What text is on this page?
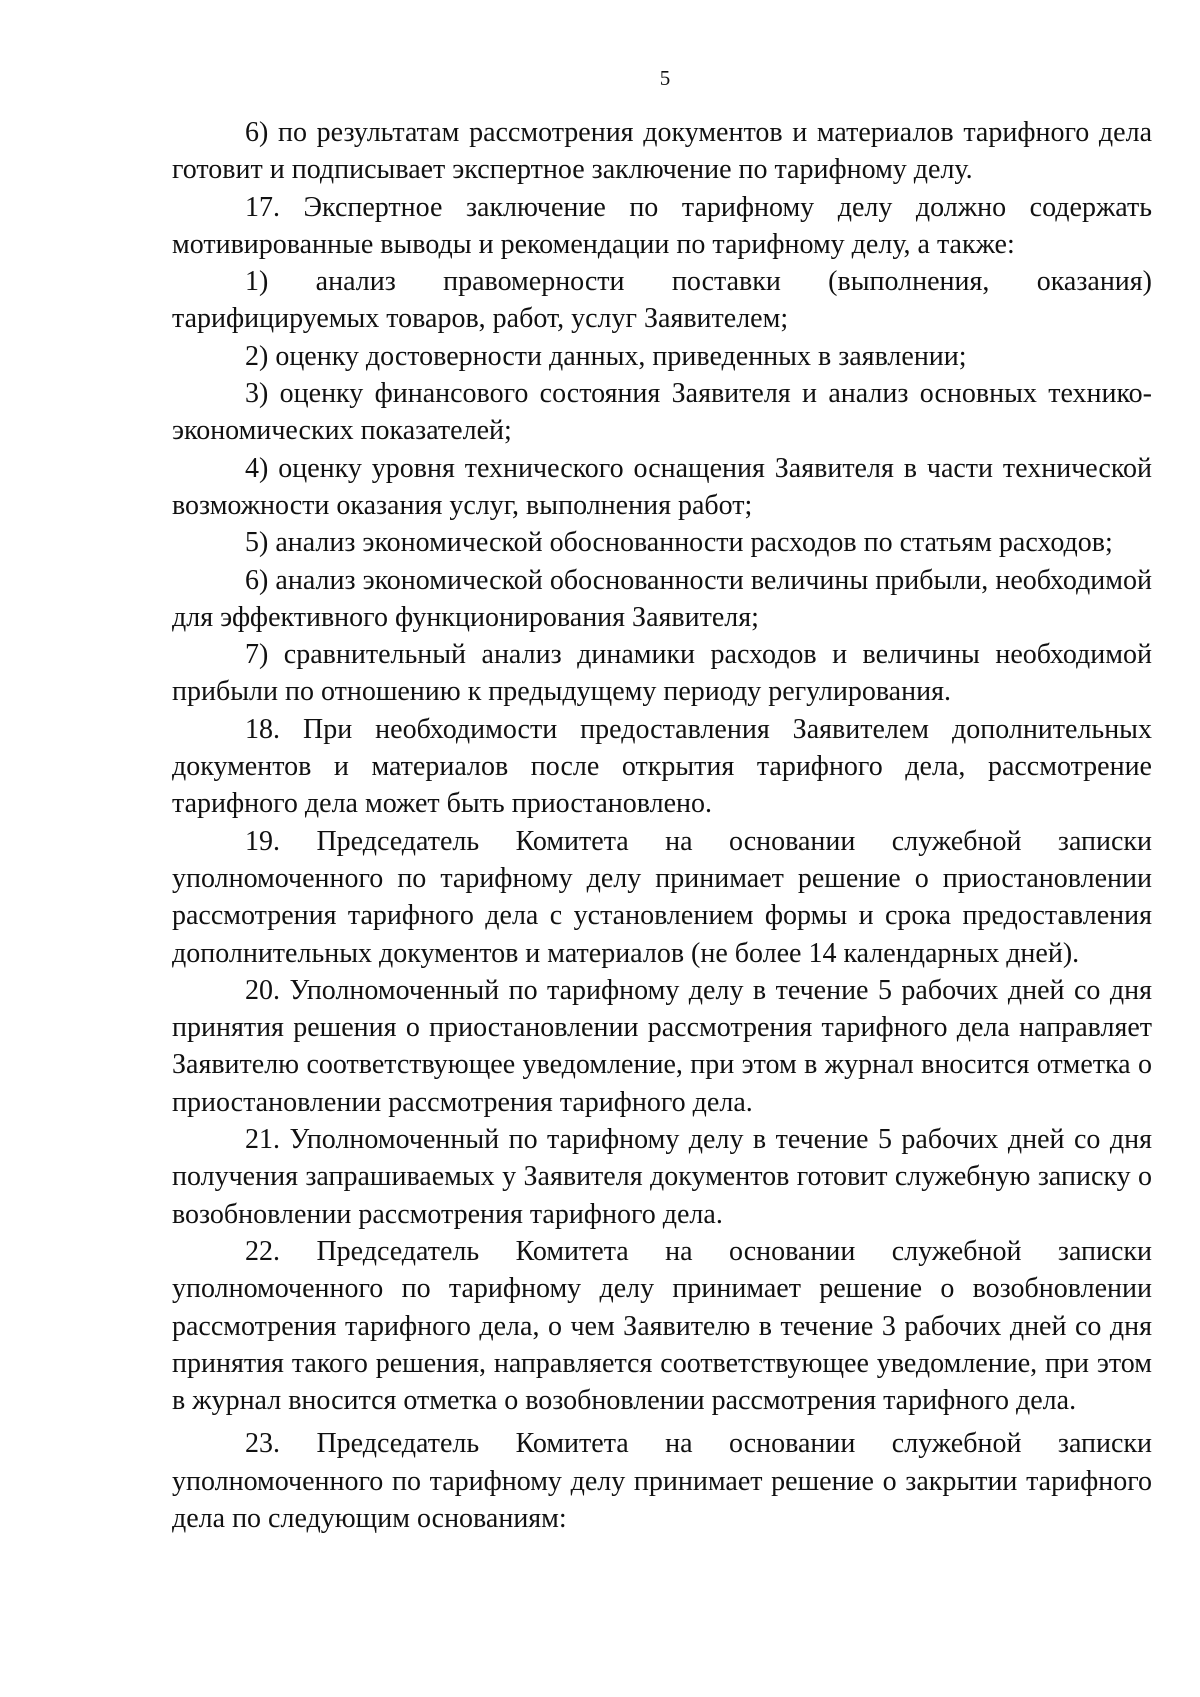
5

6) по результатам рассмотрения документов и материалов тарифного дела готовит и подписывает экспертное заключение по тарифному делу.

17. Экспертное заключение по тарифному делу должно содержать мотивированные выводы и рекомендации по тарифному делу, а также:

1) анализ правомерности поставки (выполнения, оказания) тарифицируемых товаров, работ, услуг Заявителем;

2) оценку достоверности данных, приведенных в заявлении;

3) оценку финансового состояния Заявителя и анализ основных технико-экономических показателей;

4) оценку уровня технического оснащения Заявителя в части технической возможности оказания услуг, выполнения работ;

5) анализ экономической обоснованности расходов по статьям расходов;

6) анализ экономической обоснованности величины прибыли, необходимой для эффективного функционирования Заявителя;

7) сравнительный анализ динамики расходов и величины необходимой прибыли по отношению к предыдущему периоду регулирования.

18. При необходимости предоставления Заявителем дополнительных документов и материалов после открытия тарифного дела, рассмотрение тарифного дела может быть приостановлено.

19. Председатель Комитета на основании служебной записки уполномоченного по тарифному делу принимает решение о приостановлении рассмотрения тарифного дела с установлением формы и срока предоставления дополнительных документов и материалов (не более 14 календарных дней).

20. Уполномоченный по тарифному делу в течение 5 рабочих дней со дня принятия решения о приостановлении рассмотрения тарифного дела направляет Заявителю соответствующее уведомление, при этом в журнал вносится отметка о приостановлении рассмотрения тарифного дела.

21. Уполномоченный по тарифному делу в течение 5 рабочих дней со дня получения запрашиваемых у Заявителя документов готовит служебную записку о возобновлении рассмотрения тарифного дела.

22. Председатель Комитета на основании служебной записки уполномоченного по тарифному делу принимает решение о возобновлении рассмотрения тарифного дела, о чем Заявителю в течение 3 рабочих дней со дня принятия такого решения, направляется соответствующее уведомление, при этом в журнал вносится отметка о возобновлении рассмотрения тарифного дела.

23. Председатель Комитета на основании служебной записки уполномоченного по тарифному делу принимает решение о закрытии тарифного дела по следующим основаниям:
